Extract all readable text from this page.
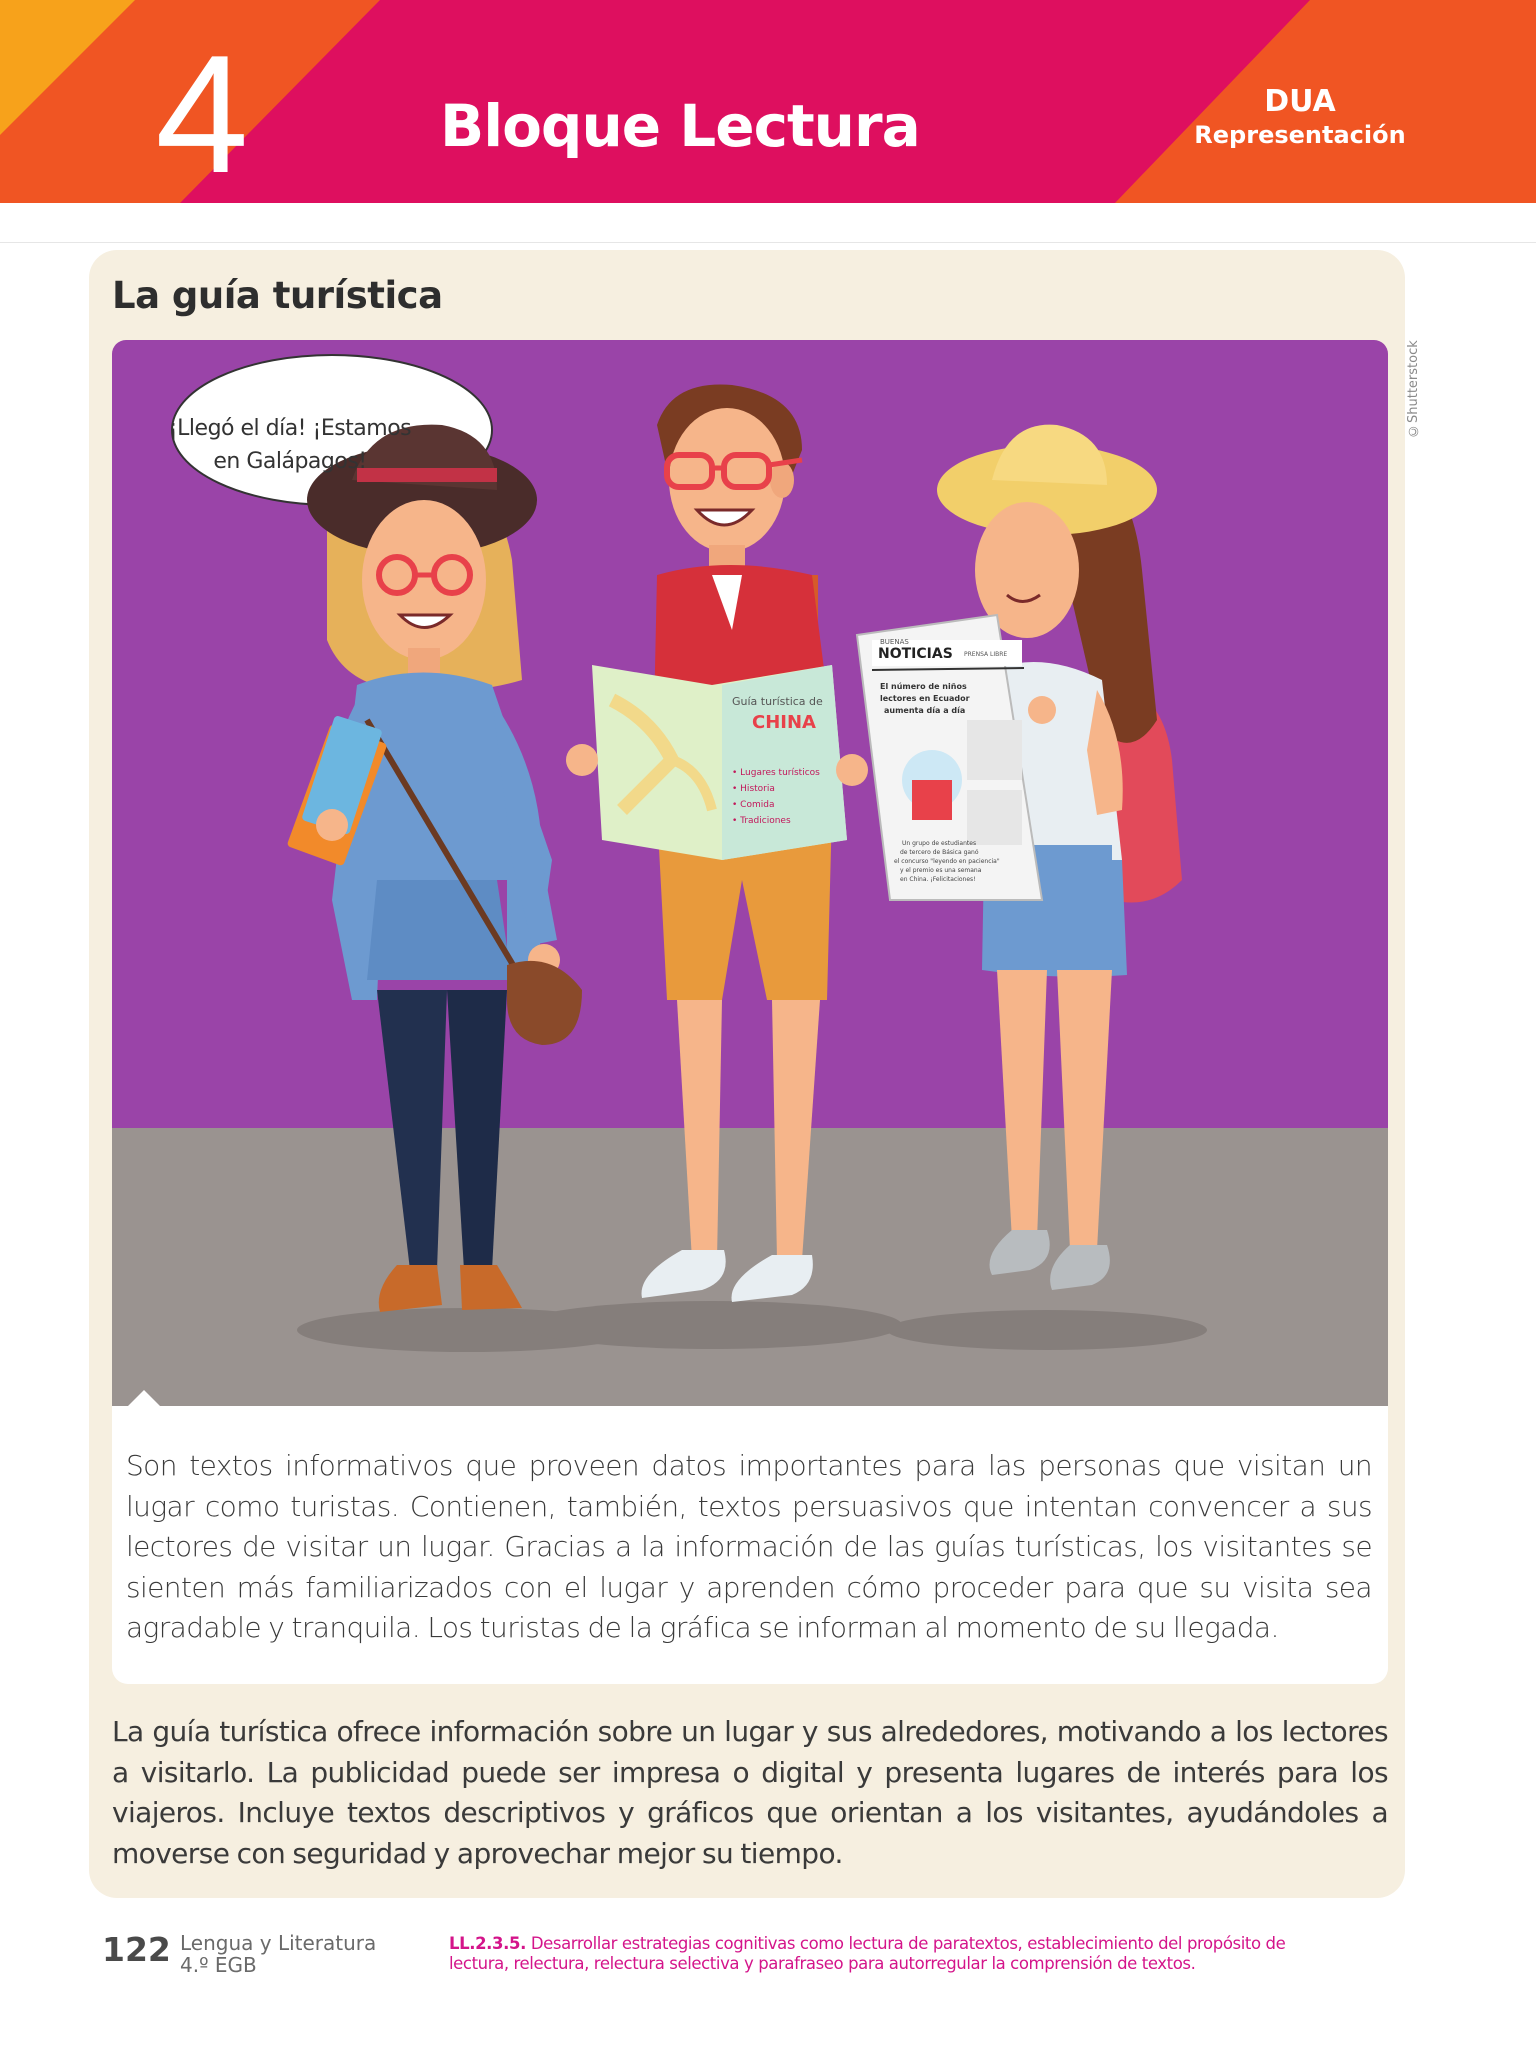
4	Bloque Lectura	DUA
Representación
La guía turística
©Shutterstock
Guía turística de
CHINA
• Lugares turísticos
• Historia
• Comida
• Tradiciones
BUENAS
NOTICIAS PRENSA LIBRE
El número de niños
lectores en Ecuador
aumenta día a día
Un grupo de estudiantes
de tercero de Básica ganó
el concurso "leyendo en paciencia"
y el premio es una semana
en China. ¡Felicitaciones!
¡Llegó el día! ¡Estamos
en Galápagos!
Son textos informativos que proveen datos importantes para las personas que visitan un lugar como turistas. Contienen, también, textos persuasivos que intentan convencer a sus lectores de visitar un lugar. Gracias a la información de las guías turísticas, los visitantes se sienten más familiarizados con el lugar y aprenden cómo proceder para que su visita sea agradable y tranquila. Los turistas de la gráfica se informan al momento de su llegada.
La guía turística ofrece información sobre un lugar y sus alrededores, motivando a los lectores a visitarlo. La publicidad puede ser impresa o digital y presenta lugares de interés para los viajeros. Incluye textos descriptivos y gráficos que orientan a los visitantes, ayudándoles a moverse con seguridad y aprovechar mejor su tiempo.
122 Lengua y Literatura
4.º EGB
LL.2.3.5. Desarrollar estrategias cognitivas como lectura de paratextos, establecimiento del propósito de lectura, relectura, relectura selectiva y parafraseo para autorregular la comprensión de textos.
